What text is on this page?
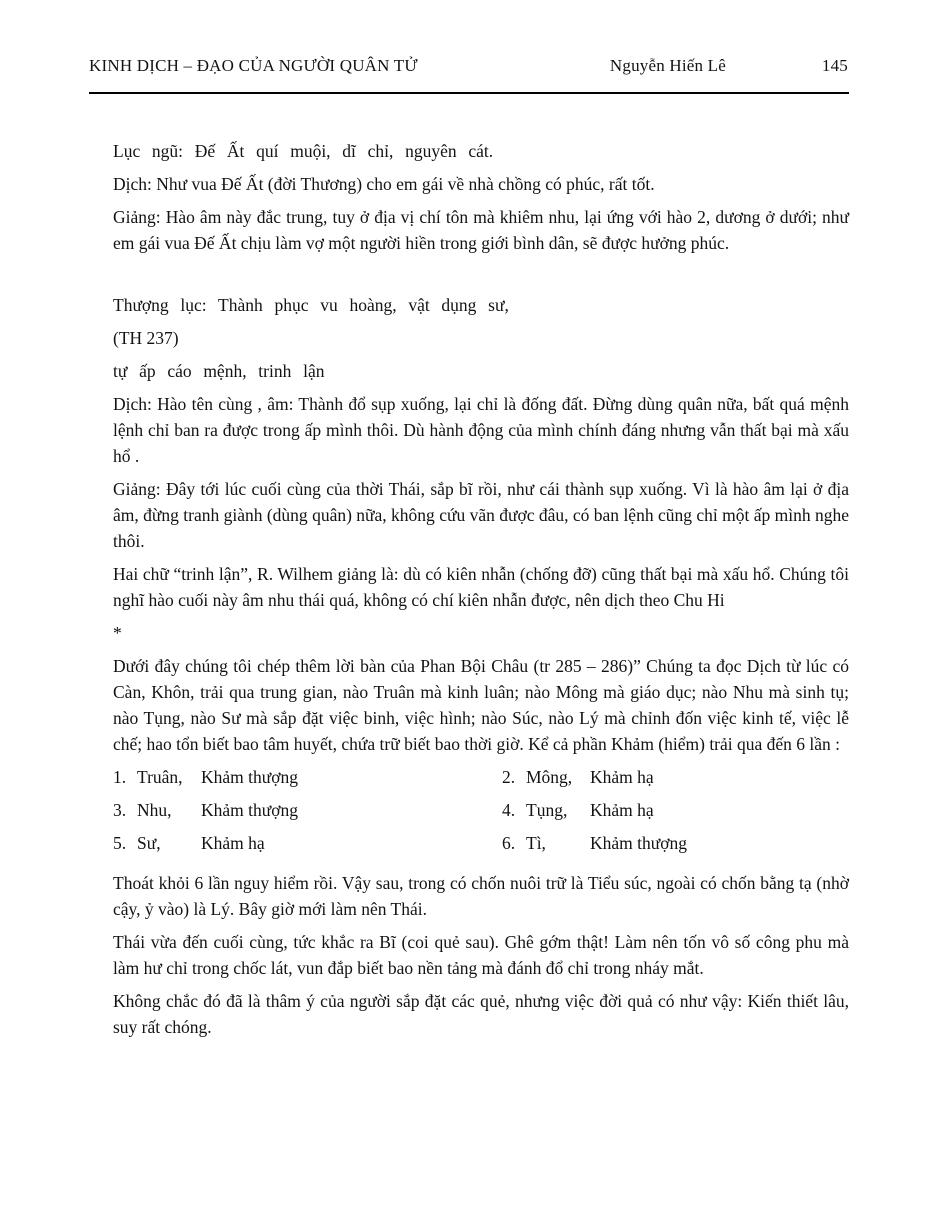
KINH DỊCH – ĐẠO CỦA NGƯỜI QUÂN TỬ	Nguyễn Hiến Lê	145

Lục ngũ: Đế Ất quí muội, dĩ chỉ, nguyên cát.

Dịch: Như vua Đế Ất (đời Thương) cho em gái về nhà chồng có phúc, rất tốt.

Giảng: Hào âm này đắc trung, tuy ở địa vị chí tôn mà khiêm nhu, lại ứng với hào 2, dương ở dưới; như em gái vua Đế Ất chịu làm vợ một người hiền trong giới bình dân, sẽ được hưởng phúc.

Thượng lục: Thành phục vu hoàng, vật dụng sư,

(TH 237)

tự ấp cáo mệnh, trinh lận

Dịch: Hào tên cùng , âm: Thành đổ sụp xuống, lại chỉ là đống đất. Đừng dùng quân nữa, bất quá mệnh lệnh chỉ ban ra được trong ấp mình thôi. Dù hành động của mình chính đáng nhưng vẫn thất bại mà xấu hổ .

Giảng: Đây tới lúc cuối cùng của thời Thái, sắp bĩ rồi, như cái thành sụp xuống. Vì là hào âm lại ở địa âm, đừng tranh giành (dùng quân) nữa, không cứu vãn được đâu, có ban lệnh cũng chỉ một ấp mình nghe thôi.

Hai chữ “trinh lận”, R. Wilhem giảng là: dù có kiên nhẫn (chống đỡ) cũng thất bại mà xấu hổ. Chúng tôi nghĩ hào cuối này âm nhu thái quá, không có chí kiên nhẫn được, nên dịch theo Chu Hi

*

Dưới đây chúng tôi chép thêm lời bàn của Phan Bội Châu (tr 285 – 286)” Chúng ta đọc Dịch từ lúc có Càn, Khôn, trải qua trung gian, nào Truân mà kinh luân; nào Mông mà giáo dục; nào Nhu mà sinh tụ; nào Tụng, nào Sư mà sắp đặt việc binh, việc hình; nào Súc, nào Lý mà chỉnh đốn việc kinh tế, việc lễ chế; hao tổn biết bao tâm huyết, chứa trữ biết bao thời giờ. Kể cả phần Khảm (hiểm) trải qua đến 6 lần :

1. Truân,	Khảm thượng	2. Mông,	Khảm hạ
3. Nhu,	Khảm thượng	4. Tụng,	Khảm hạ
5. Sư,	Khảm hạ	6. Tì,	Khảm thượng

Thoát khỏi 6 lần nguy hiểm rồi. Vậy sau, trong có chốn nuôi trữ là Tiểu súc, ngoài có chốn bằng tạ (nhờ cậy, ỷ vào) là Lý. Bây giờ mới làm nên Thái.

Thái vừa đến cuối cùng, tức khắc ra Bĩ (coi quẻ sau). Ghê gớm thật! Làm nên tốn vô số công phu mà làm hư chỉ trong chốc lát, vun đắp biết bao nền tảng mà đánh đổ chỉ trong nháy mắt.

Không chắc đó đã là thâm ý của người sắp đặt các quẻ, nhưng việc đời quả có như vậy: Kiến thiết lâu, suy rất chóng.
